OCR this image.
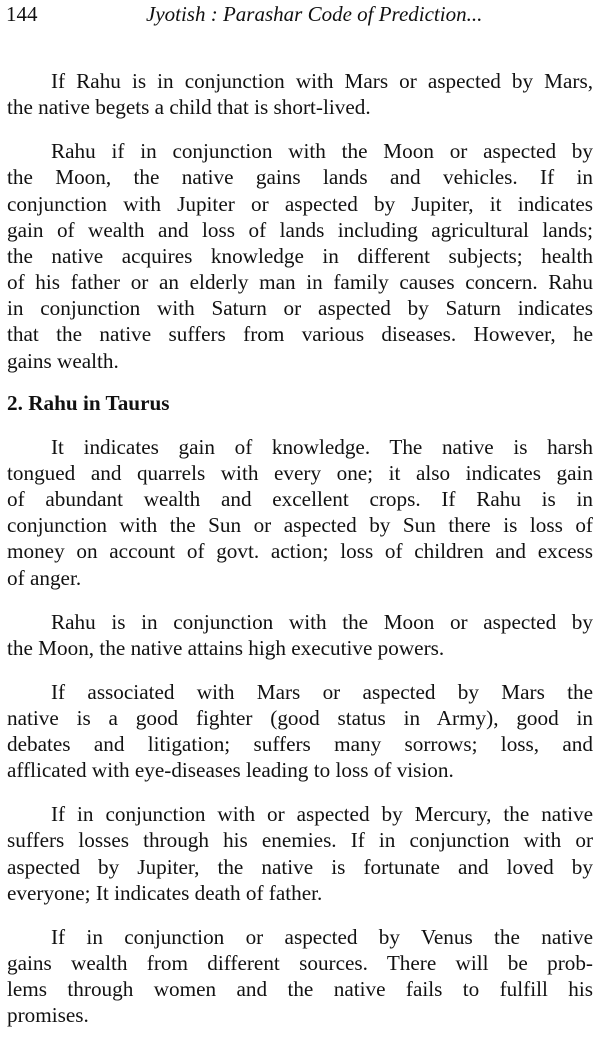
144	Jyotish : Parashar Code of Prediction...
If Rahu is in conjunction with Mars or aspected by Mars,
the native begets a child that is short-lived.
Rahu if in conjunction with the Moon or aspected by
the Moon, the native gains lands and vehicles. If in
conjunction with Jupiter or aspected by Jupiter, it indicates
gain of wealth and loss of lands including agricultural lands;
the native acquires knowledge in different subjects; health
of his father or an elderly man in family causes concern. Rahu
in conjunction with Saturn or aspected by Saturn indicates
that the native suffers from various diseases. However, he
gains wealth.
2. Rahu in Taurus
It indicates gain of knowledge. The native is harsh
tongued and quarrels with every one; it also indicates gain
of abundant wealth and excellent crops. If Rahu is in
conjunction with the Sun or aspected by Sun there is loss of
money on account of govt. action; loss of children and excess
of anger.
Rahu is in conjunction with the Moon or aspected by
the Moon, the native attains high executive powers.
If associated with Mars or aspected by Mars the
native is a good fighter (good status in Army), good in
debates and litigation; suffers many sorrows; loss, and
afflicated with eye-diseases leading to loss of vision.
If in conjunction with or aspected by Mercury, the native
suffers losses through his enemies. If in conjunction with or
aspected by Jupiter, the native is fortunate and loved by
everyone; It indicates death of father.
If in conjunction or aspected by Venus the native
gains wealth from different sources. There will be prob-
lems through women and the native fails to fulfill his
promises.
